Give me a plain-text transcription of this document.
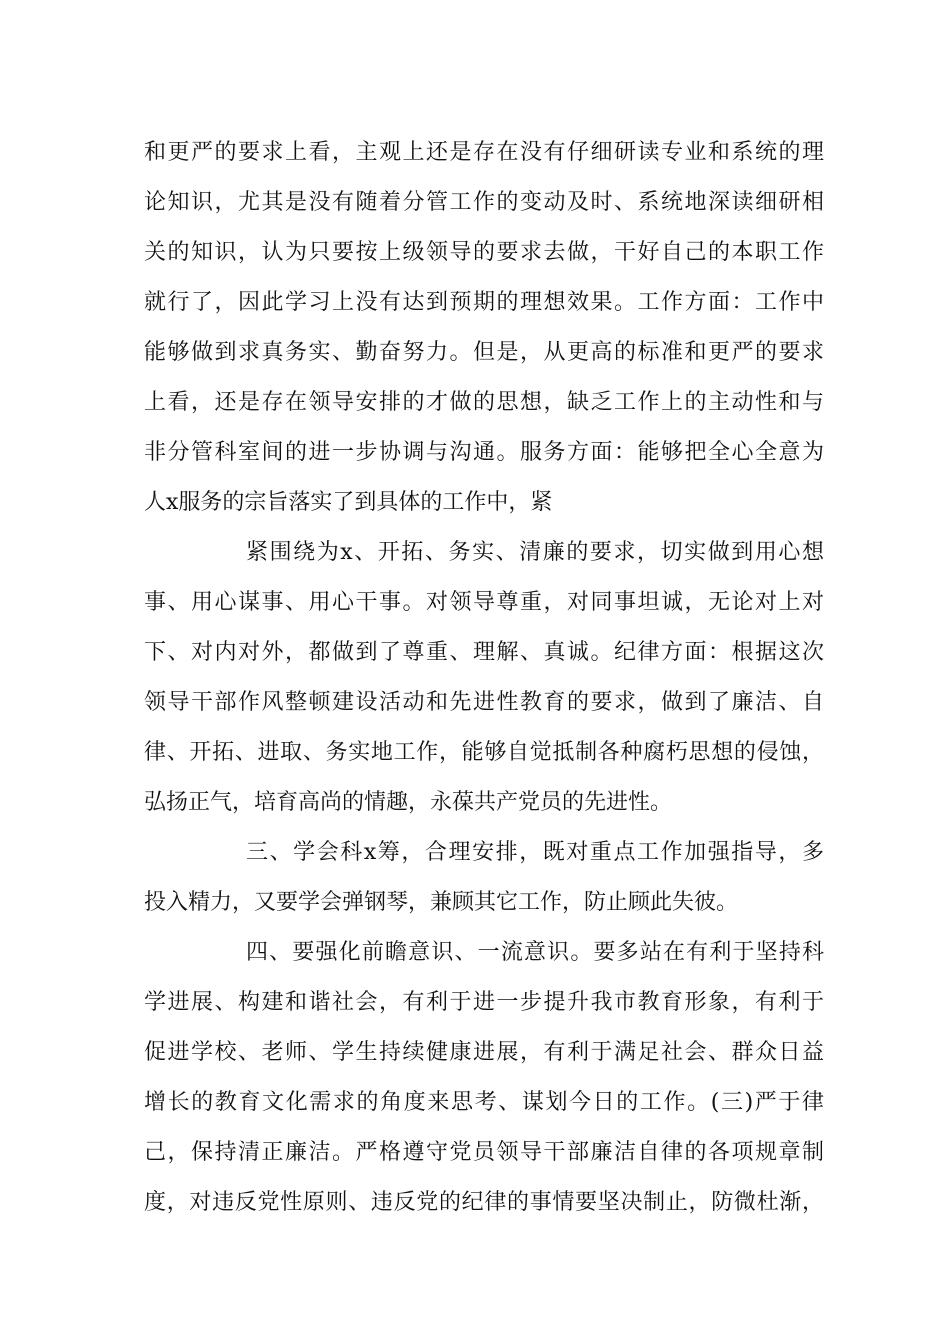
和更严的要求上看，主观上还是存在没有仔细研读专业和系统的理
论知识，尤其是没有随着分管工作的变动及时、系统地深读细研相
关的知识，认为只要按上级领导的要求去做，干好自己的本职工作
就行了，因此学习上没有达到预期的理想效果。工作方面：工作中
能够做到求真务实、勤奋努力。但是，从更高的标准和更严的要求
上看，还是存在领导安排的才做的思想，缺乏工作上的主动性和与
非分管科室间的进一步协调与沟通。服务方面：能够把全心全意为
人x服务的宗旨落实了到具体的工作中，紧
紧围绕为x、开拓、务实、清廉的要求，切实做到用心想
事、用心谋事、用心干事。对领导尊重，对同事坦诚，无论对上对
下、对内对外，都做到了尊重、理解、真诚。纪律方面：根据这次
领导干部作风整顿建设活动和先进性教育的要求，做到了廉洁、自
律、开拓、进取、务实地工作，能够自觉抵制各种腐朽思想的侵蚀，
弘扬正气，培育高尚的情趣，永葆共产党员的先进性。
三、学会科x筹，合理安排，既对重点工作加强指导，多
投入精力，又要学会弹钢琴，兼顾其它工作，防止顾此失彼。
四、要强化前瞻意识、一流意识。要多站在有利于坚持科
学进展、构建和谐社会，有利于进一步提升我市教育形象，有利于
促进学校、老师、学生持续健康进展，有利于满足社会、群众日益
增长的教育文化需求的角度来思考、谋划今日的工作。(三)严于律
己，保持清正廉洁。严格遵守党员领导干部廉洁自律的各项规章制
度，对违反党性原则、违反党的纪律的事情要坚决制止，防微杜渐，
